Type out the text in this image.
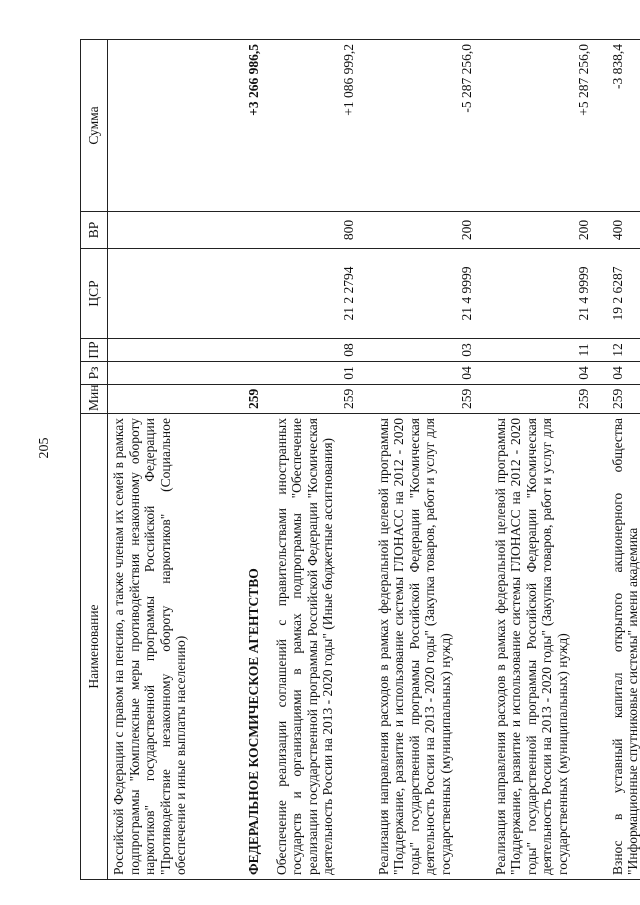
205
Наименование	Мин	Рз	ПР	ЦСР	ВР	Сумма
Российской Федерации с правом на пенсию, а также членам их семей в рамках подпрограммы "Комплексные меры противодействия незаконному обороту наркотиков" государственной программы Российской Федерации "Противодействие незаконному обороту наркотиков" (Социальное обеспечение и иные выплаты населению)						
ФЕДЕРАЛЬНОЕ КОСМИЧЕСКОЕ АГЕНТСТВО	259					+3 266 986,5
Обеспечение реализации соглашений с правительствами иностранных государств и организациями в рамках подпрограммы "Обеспечение реализации государственной программы Российской Федерации "Космическая деятельность России на 2013 - 2020 годы" (Иные бюджетные ассигнования)	259	01	08	21 2 2794	800	+1 086 999,2
Реализация направления расходов в рамках федеральной целевой программы "Поддержание, развитие и использование системы ГЛОНАСС на 2012 - 2020 годы" государственной программы Российской Федерации "Космическая деятельность России на 2013 - 2020 годы" (Закупка товаров, работ и услуг для государственных (муниципальных) нужд)	259	04	03	21 4 9999	200	-5 287 256,0
Реализация направления расходов в рамках федеральной целевой программы "Поддержание, развитие и использование системы ГЛОНАСС на 2012 - 2020 годы" государственной программы Российской Федерации "Космическая деятельность России на 2013 - 2020 годы" (Закупка товаров, работ и услуг для государственных (муниципальных) нужд)	259	04	11	21 4 9999	200	+5 287 256,0
Взнос в уставный капитал открытого акционерного общества "Информационные спутниковые системы" имени академика	259	04	12	19 2 6287	400	-3 838,4
